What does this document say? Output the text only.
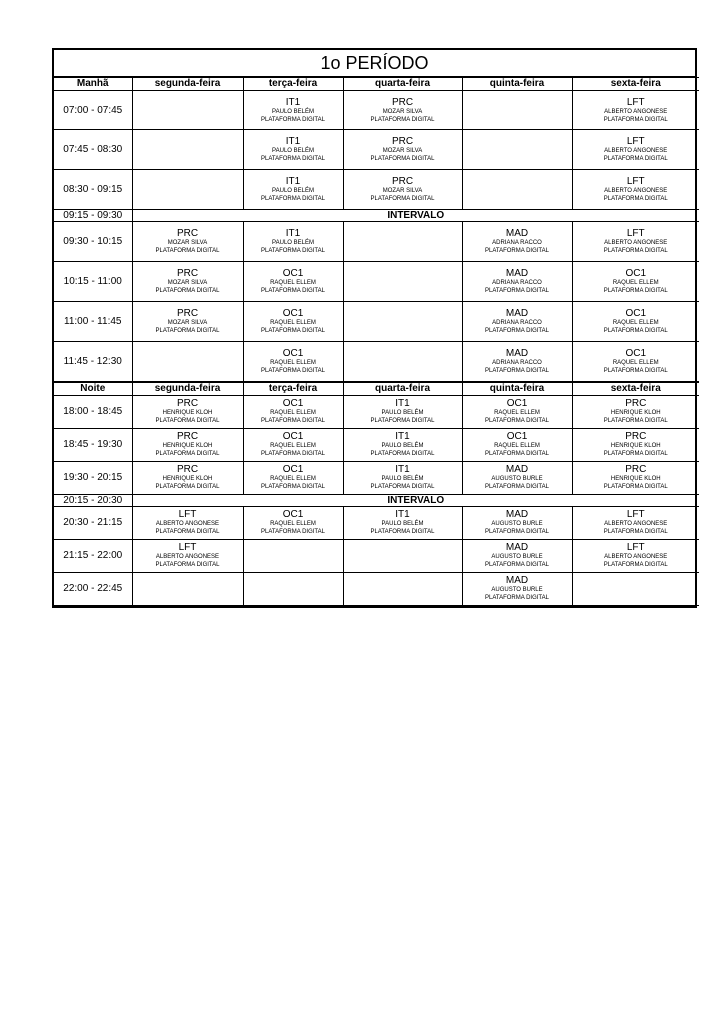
1o PERÍODO
Manhã	segunda-feira	terça-feira	quarta-feira	quinta-feira	sexta-feira
07:00 - 07:45		IT1
PAULO BELÉM
PLATAFORMA DIGITAL	PRC
MOZAR SILVA
PLATAFORMA DIGITAL		LFT
ALBERTO ANGONESE
PLATAFORMA DIGITAL

07:45 - 08:30		IT1
PAULO BELÉM
PLATAFORMA DIGITAL	PRC
MOZAR SILVA
PLATAFORMA DIGITAL		LFT
ALBERTO ANGONESE
PLATAFORMA DIGITAL

08:30 - 09:15		IT1
PAULO BELÉM
PLATAFORMA DIGITAL	PRC
MOZAR SILVA
PLATAFORMA DIGITAL		LFT
ALBERTO ANGONESE
PLATAFORMA DIGITAL

09:15 - 09:30	INTERVALO				
09:30 - 10:15	PRC
MOZAR SILVA
PLATAFORMA DIGITAL	IT1
PAULO BELÉM
PLATAFORMA DIGITAL		MAD
ADRIANA RACCO
PLATAFORMA DIGITAL	LFT
ALBERTO ANGONESE
PLATAFORMA DIGITAL

10:15 - 11:00	PRC
MOZAR SILVA
PLATAFORMA DIGITAL	OC1
RAQUEL ELLEM
PLATAFORMA DIGITAL		MAD
ADRIANA RACCO
PLATAFORMA DIGITAL	OC1
RAQUEL ELLEM
PLATAFORMA DIGITAL

11:00 - 11:45	PRC
MOZAR SILVA
PLATAFORMA DIGITAL	OC1
RAQUEL ELLEM
PLATAFORMA DIGITAL		MAD
ADRIANA RACCO
PLATAFORMA DIGITAL	OC1
RAQUEL ELLEM
PLATAFORMA DIGITAL

11:45 - 12:30		OC1
RAQUEL ELLEM
PLATAFORMA DIGITAL		MAD
ADRIANA RACCO
PLATAFORMA DIGITAL	OC1
RAQUEL ELLEM
PLATAFORMA DIGITAL

Noite	segunda-feira	terça-feira	quarta-feira	quinta-feira	sexta-feira
18:00 - 18:45	PRC
HENRIQUE KLOH
PLATAFORMA DIGITAL	OC1
RAQUEL ELLEM
PLATAFORMA DIGITAL	IT1
PAULO BELÉM
PLATAFORMA DIGITAL	OC1
RAQUEL ELLEM
PLATAFORMA DIGITAL	PRC
HENRIQUE KLOH
PLATAFORMA DIGITAL

18:45 - 19:30	PRC
HENRIQUE KLOH
PLATAFORMA DIGITAL	OC1
RAQUEL ELLEM
PLATAFORMA DIGITAL	IT1
PAULO BELÉM
PLATAFORMA DIGITAL	OC1
RAQUEL ELLEM
PLATAFORMA DIGITAL	PRC
HENRIQUE KLOH
PLATAFORMA DIGITAL

19:30 - 20:15	PRC
HENRIQUE KLOH
PLATAFORMA DIGITAL	OC1
RAQUEL ELLEM
PLATAFORMA DIGITAL	IT1
PAULO BELÉM
PLATAFORMA DIGITAL	MAD
AUGUSTO BURLE
PLATAFORMA DIGITAL	PRC
HENRIQUE KLOH
PLATAFORMA DIGITAL

20:15 - 20:30	INTERVALO				
20:30 - 21:15	LFT
ALBERTO ANGONESE
PLATAFORMA DIGITAL	OC1
RAQUEL ELLEM
PLATAFORMA DIGITAL	IT1
PAULO BELÉM
PLATAFORMA DIGITAL	MAD
AUGUSTO BURLE
PLATAFORMA DIGITAL	LFT
ALBERTO ANGONESE
PLATAFORMA DIGITAL

21:15 - 22:00	LFT
ALBERTO ANGONESE
PLATAFORMA DIGITAL			MAD
AUGUSTO BURLE
PLATAFORMA DIGITAL	LFT
ALBERTO ANGONESE
PLATAFORMA DIGITAL

22:00 - 22:45				MAD
AUGUSTO BURLE
PLATAFORMA DIGITAL	
